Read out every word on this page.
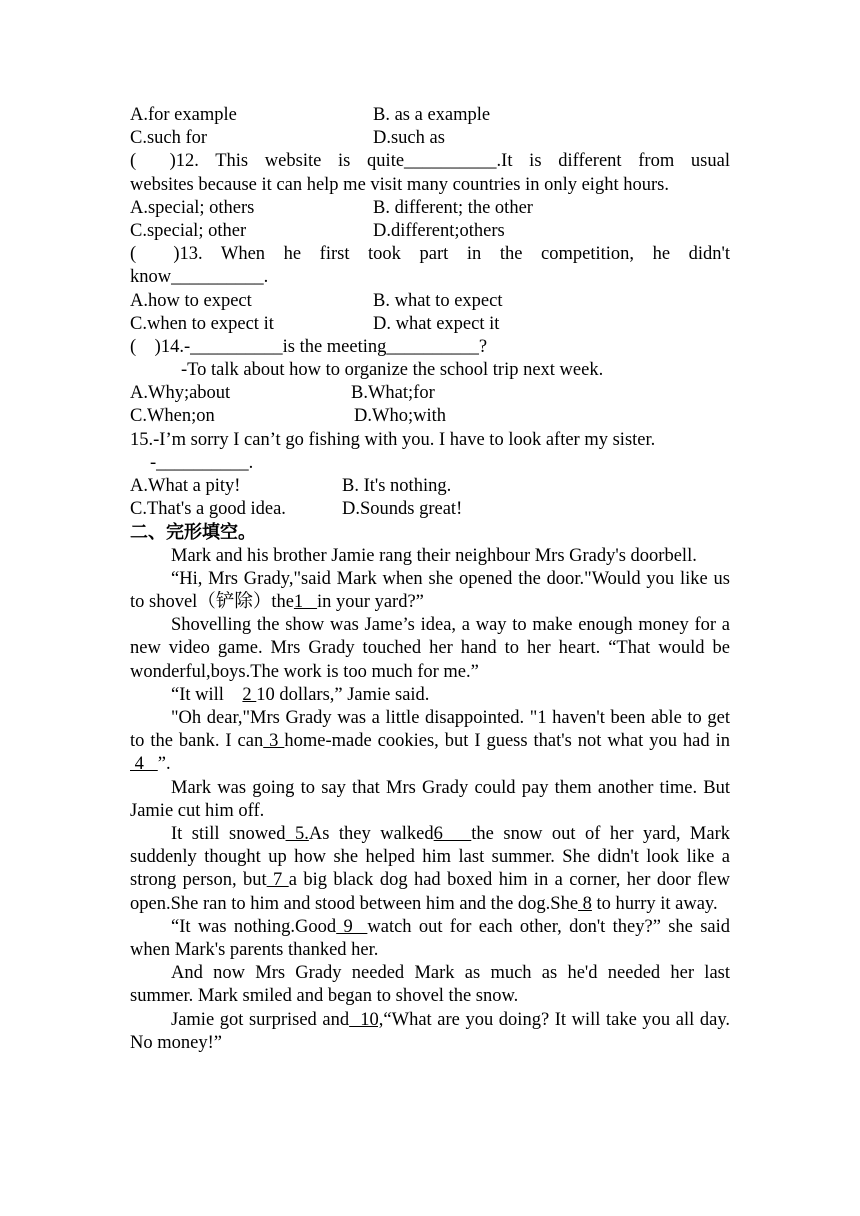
A.for example	B. as a example
C.such for	D.such as
(    )12.  This  website  is  quite__________.It  is  different  from  usual
websites because it can help me visit many countries in only eight hours.
A.special; others	B. different; the other
C.special; other	D.different;others
(    )13.  When  he  first  took  part  in  the  competition,  he  didn't
know__________.
A.how to expect	B. what to expect
C.when to expect it	D. what expect it
(    )14.-__________is the meeting__________?
-To talk about how to organize the school trip next week.
A.Why;about	B.What;for
C.When;on	D.Who;with
15.-I’m sorry I can’t go fishing with you. I have to look after my sister.
-__________.
A.What a pity!	B. It's nothing.
C.That's a good idea.	D.Sounds great!
二、完形填空。
Mark and his brother Jamie rang their neighbour Mrs Grady's doorbell.
“Hi, Mrs Grady,"said Mark when she opened the door."Would you like us to shovel（铲除）the1   in your yard?”
Shovelling the show was Jame’s idea, a way to make enough money for a new video game. Mrs Grady touched her hand to her heart. “That would be wonderful,boys.The work is too much for me.”
“It will    2 10 dollars,” Jamie said.
"Oh dear,"Mrs Grady was a little disappointed. "1 haven't been able to get to the bank. I can 3 home-made cookies, but I guess that's not what you had in 4   ”.
Mark was going to say that Mrs Grady could pay them another time. But Jamie cut him off.
It still snowed 5.As they walked6   the snow out of her yard, Mark suddenly thought up how she helped him last summer. She didn't look like a strong person, but 7 a big black dog had boxed him in a corner, her door flew open.She ran to him and stood between him and the dog.She 8 to hurry it away.
“It was nothing.Good 9  watch out for each other, don't they?” she said when Mark's parents thanked her.
And now Mrs Grady needed Mark as much as he'd needed her last summer. Mark smiled and began to shovel the snow.
Jamie got surprised and  10,“What are you doing? It will take you all day. No money!”
